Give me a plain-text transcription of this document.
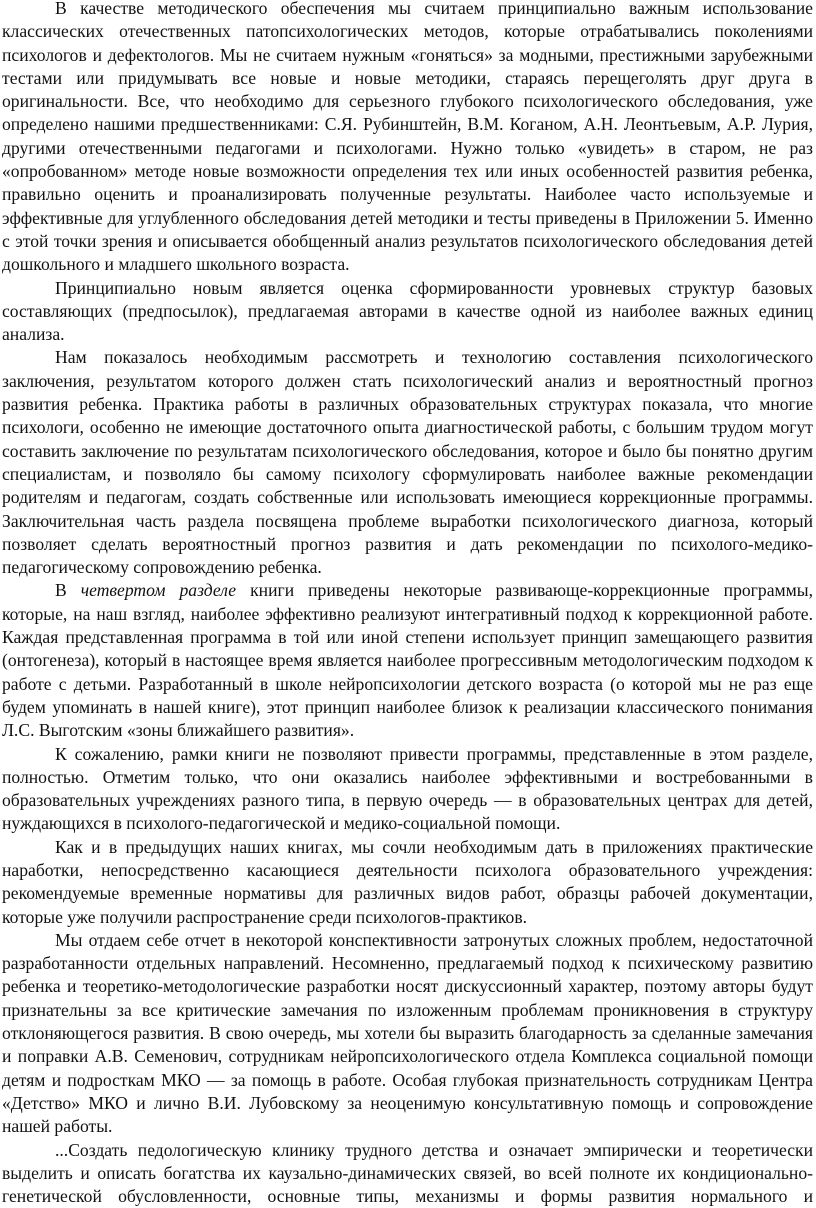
В качестве методического обеспечения мы считаем принципиально важным использование классических отечественных патопсихологических методов, которые отрабатывались поколениями психологов и дефектологов. Мы не считаем нужным «гоняться» за модными, престижными зарубежными тестами или придумывать все новые и новые методики, стараясь перещеголять друг друга в оригинальности. Все, что необходимо для серьезного глубокого психологического обследования, уже определено нашими предшественниками: С.Я. Рубинштейн, В.М. Коганом, А.Н. Леонтьевым, А.Р. Лурия, другими отечественными педагогами и психологами. Нужно только «увидеть» в старом, не раз «опробованном» методе новые возможности определения тех или иных особенностей развития ребенка, правильно оценить и проанализировать полученные результаты. Наиболее часто используемые и эффективные для углубленного обследования детей методики и тесты приведены в Приложении 5. Именно с этой точки зрения и описывается обобщенный анализ результатов психологического обследования детей дошкольного и младшего школьного возраста.

Принципиально новым является оценка сформированности уровневых структур базовых составляющих (предпосылок), предлагаемая авторами в качестве одной из наиболее важных единиц анализа.

Нам показалось необходимым рассмотреть и технологию составления психологического заключения, результатом которого должен стать психологический анализ и вероятностный прогноз развития ребенка. Практика работы в различных образовательных структурах показала, что многие психологи, особенно не имеющие достаточного опыта диагностической работы, с большим трудом могут составить заключение по результатам психологического обследования, которое и было бы понятно другим специалистам, и позволяло бы самому психологу сформулировать наиболее важные рекомендации родителям и педагогам, создать собственные или использовать имеющиеся коррекционные программы. Заключительная часть раздела посвящена проблеме выработки психологического диагноза, который позволяет сделать вероятностный прогноз развития и дать рекомендации по психолого-медико-педагогическому сопровождению ребенка.

В четвертом разделе книги приведены некоторые развивающе-коррекционные программы, которые, на наш взгляд, наиболее эффективно реализуют интегративный подход к коррекционной работе. Каждая представленная программа в той или иной степени использует принцип замещающего развития (онтогенеза), который в настоящее время является наиболее прогрессивным методологическим подходом к работе с детьми. Разработанный в школе нейропсихологии детского возраста (о которой мы не раз еще будем упоминать в нашей книге), этот принцип наиболее близок к реализации классического понимания Л.С. Выготским «зоны ближайшего развития».

К сожалению, рамки книги не позволяют привести программы, представленные в этом разделе, полностью. Отметим только, что они оказались наиболее эффективными и востребованными в образовательных учреждениях разного типа, в первую очередь — в образовательных центрах для детей, нуждающихся в психолого-педагогической и медико-социальной помощи.

Как и в предыдущих наших книгах, мы сочли необходимым дать в приложениях практические наработки, непосредственно касающиеся деятельности психолога образовательного учреждения: рекомендуемые временные нормативы для различных видов работ, образцы рабочей документации, которые уже получили распространение среди психологов-практиков.

Мы отдаем себе отчет в некоторой конспективности затронутых сложных проблем, недостаточной разработанности отдельных направлений. Несомненно, предлагаемый подход к психическому развитию ребенка и теоретико-методологические разработки носят дискуссионный характер, поэтому авторы будут признательны за все критические замечания по изложенным проблемам проникновения в структуру отклоняющегося развития. В свою очередь, мы хотели бы выразить благодарность за сделанные замечания и поправки А.В. Семенович, сотрудникам нейропсихологического отдела Комплекса социальной помощи детям и подросткам МКО — за помощь в работе. Особая глубокая признательность сотрудникам Центра «Детство» МКО и лично В.И. Лубовскому за неоценимую консультативную помощь и сопровождение нашей работы.

...Создать педологическую клинику трудного детства и означает эмпирически и теоретически выделить и описать богатства их каузально-динамических связей, во всей полноте их кондиционально-генетической обусловленности, основные типы, механизмы и формы развития нормального и
